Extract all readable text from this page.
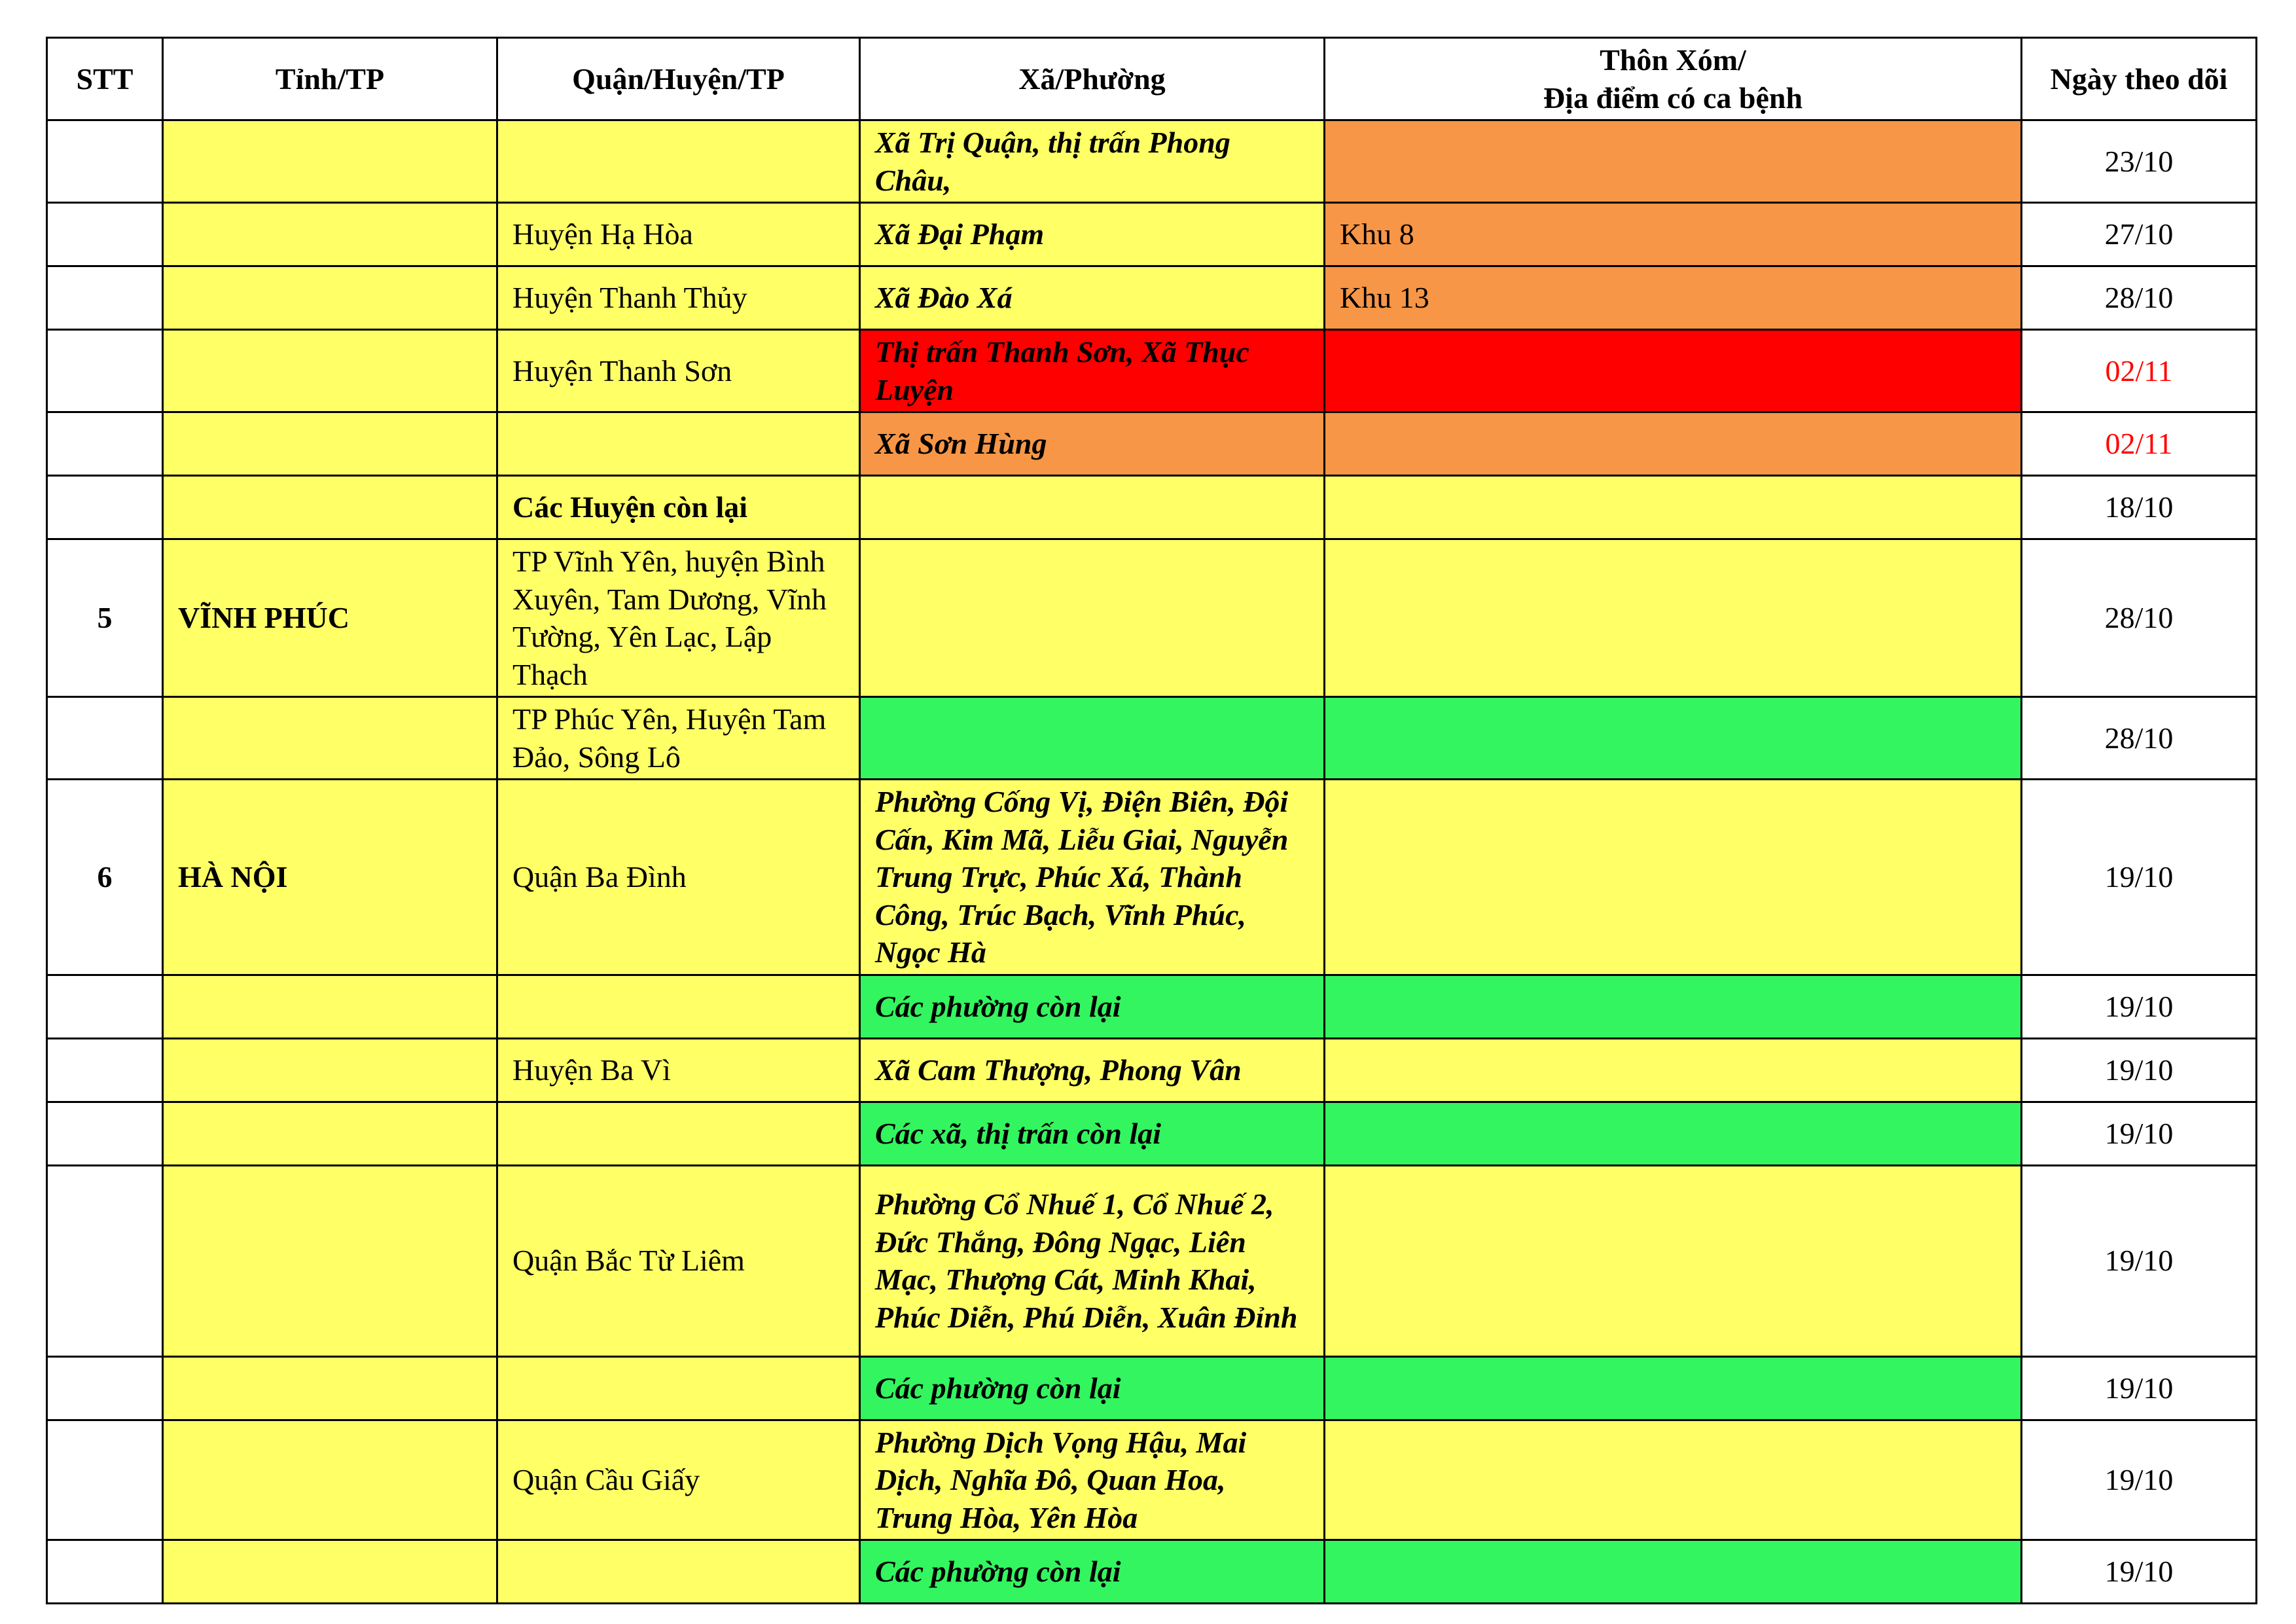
STT	Tỉnh/TP	Quận/Huyện/TP	Xã/Phường	Thôn Xóm/
Địa điểm có ca bệnh	Ngày theo dõi
			Xã Trị Quận, thị trấn Phong Châu,		23/10
		Huyện Hạ Hòa	Xã Đại Phạm	Khu 8	27/10
		Huyện Thanh Thủy	Xã Đào Xá	Khu 13	28/10
		Huyện Thanh Sơn	Thị trấn Thanh Sơn, Xã Thục Luyện		02/11
			Xã Sơn Hùng		02/11
		Các Huyện còn lại			18/10
5	VĨNH PHÚC	TP Vĩnh Yên, huyện Bình Xuyên, Tam Dương, Vĩnh Tường, Yên Lạc, Lập Thạch			28/10
		TP Phúc Yên, Huyện Tam Đảo, Sông Lô			28/10
6	HÀ NỘI	Quận Ba Đình	Phường Cống Vị, Điện Biên, Đội Cấn, Kim Mã, Liễu Giai, Nguyễn Trung Trực, Phúc Xá, Thành Công, Trúc Bạch, Vĩnh Phúc, Ngọc Hà		19/10
			Các phường còn lại		19/10
		Huyện Ba Vì	Xã Cam Thượng, Phong Vân		19/10
			Các xã, thị trấn còn lại		19/10
		Quận Bắc Từ Liêm	Phường Cổ Nhuế 1, Cổ Nhuế 2, Đức Thắng, Đông Ngạc, Liên Mạc, Thượng Cát, Minh Khai, Phúc Diễn, Phú Diễn, Xuân Đỉnh		19/10
			Các phường còn lại		19/10
		Quận Cầu Giấy	Phường Dịch Vọng Hậu, Mai Dịch, Nghĩa Đô, Quan Hoa, Trung Hòa, Yên Hòa		19/10
			Các phường còn lại		19/10
